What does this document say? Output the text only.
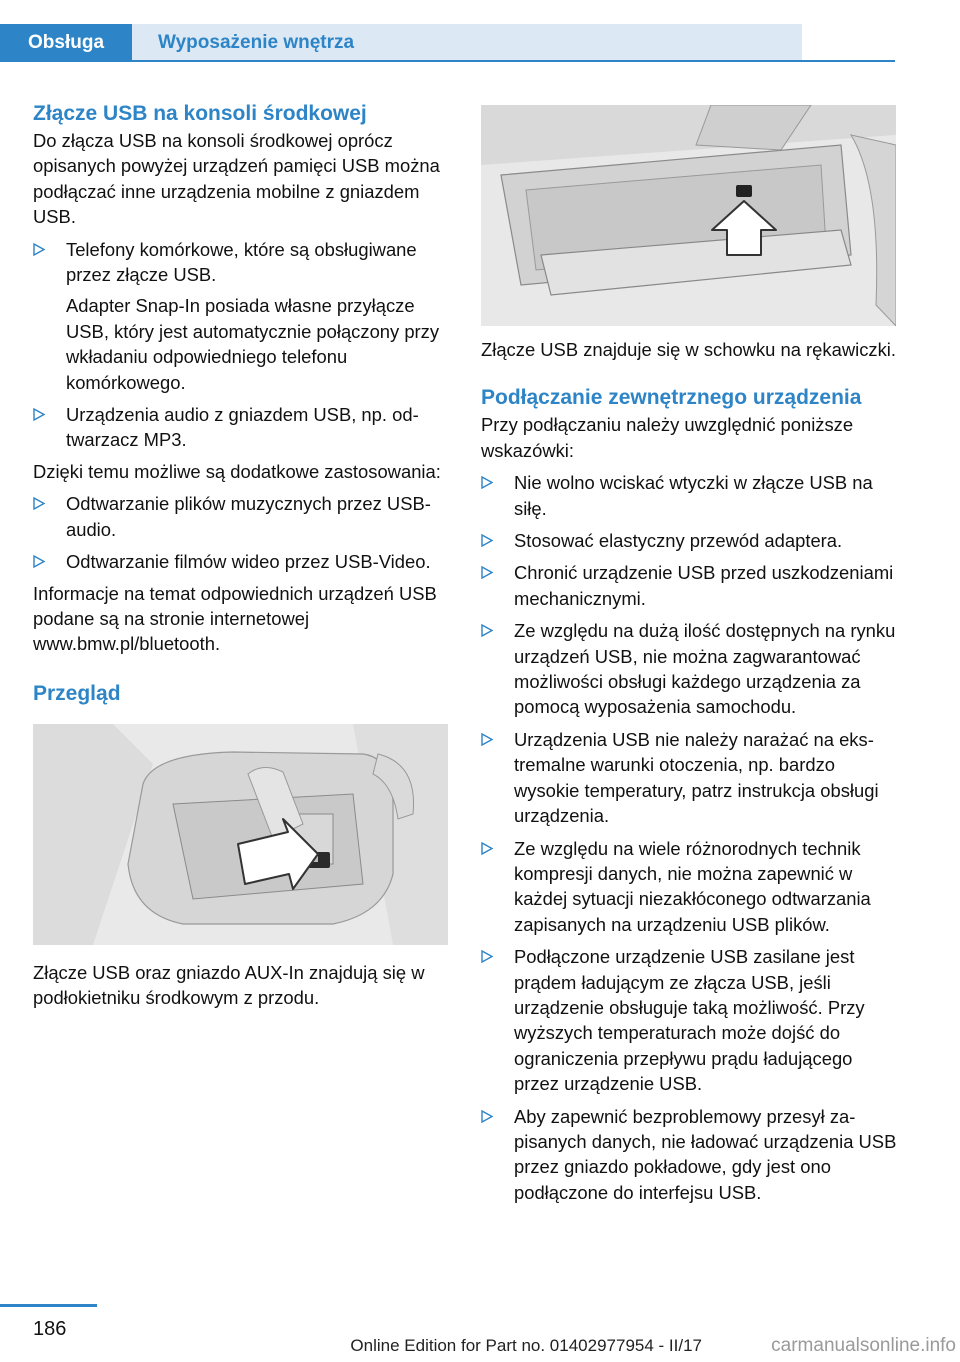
Obsługa	Wyposażenie wnętrza
Złącze USB na konsoli środkowej

Do złącza USB na konsoli środkowej oprócz opisanych powyżej urządzeń pamięci USB można podłączać inne urządzenia mobilne z gniazdem USB.

Telefony komórkowe, które są obsługiwane przez złącze USB.
Adapter Snap-In posiada własne przyłącze USB, który jest automatycznie połączony przy wkładaniu odpowiedniego telefonu komórkowego.
Urządzenia audio z gniazdem USB, np. odtwarzacz MP3.

Dzięki temu możliwe są dodatkowe zastosowania:

Odtwarzanie plików muzycznych przez USB-audio.
Odtwarzanie filmów wideo przez USB-Video.

Informacje na temat odpowiednich urządzeń USB podane są na stronie internetowej www.bmw.pl/bluetooth.

Przegląd

Złącze USB oraz gniazdo AUX-In znajdują się w podłokietniku środkowym z przodu.

Złącze USB znajduje się w schowku na rękawiczki.

Podłączanie zewnętrznego urządzenia

Przy podłączaniu należy uwzględnić poniższe wskazówki:

Nie wolno wciskać wtyczki w złącze USB na siłę.
Stosować elastyczny przewód adaptera.
Chronić urządzenie USB przed uszkodzeniami mechanicznymi.
Ze względu na dużą ilość dostępnych na rynku urządzeń USB, nie można zagwarantować możliwości obsługi każdego urządzenia za pomocą wyposażenia samochodu.
Urządzenia USB nie należy narażać na ekstremalne warunki otoczenia, np. bardzo wysokie temperatury, patrz instrukcja obsługi urządzenia.
Ze względu na wiele różnorodnych technik kompresji danych, nie można zapewnić w każdej sytuacji niezakłóconego odtwarzania zapisanych na urządzeniu USB plików.
Podłączone urządzenie USB zasilane jest prądem ładującym ze złącza USB, jeśli urządzenie obsługuje taką możliwość. Przy wyższych temperaturach może dojść do ograniczenia przepływu prądu ładującego przez urządzenie USB.
Aby zapewnić bezproblemowy przesył zapisanych danych, nie ładować urządzenia USB przez gniazdo pokładowe, gdy jest ono podłączone do interfejsu USB.
186
Online Edition for Part no. 01402977954 - II/17	carmanualsonline.info
